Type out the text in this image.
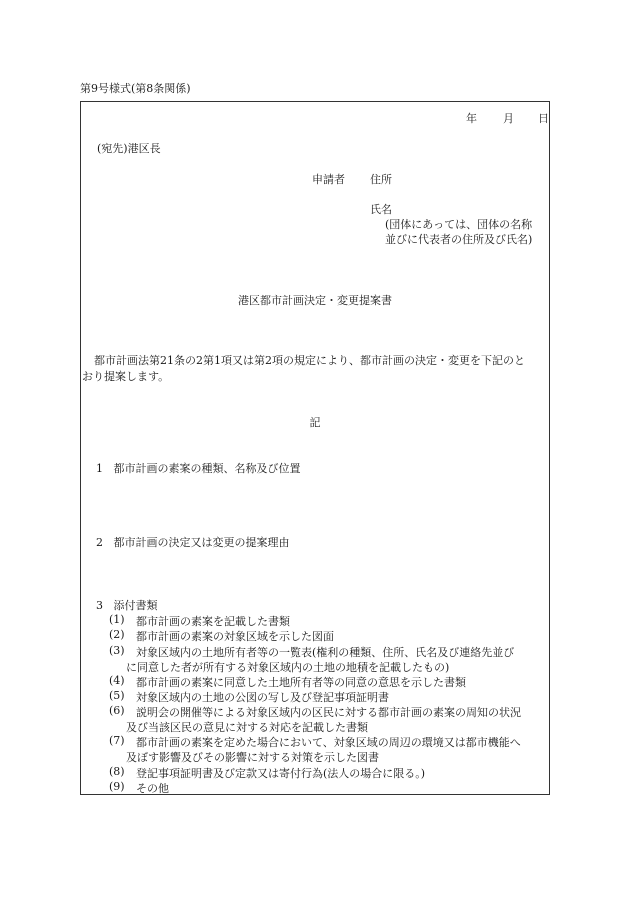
第9号様式(第8条関係)
年 月 日
(宛先)港区長
申請者 住所
氏名
(団体にあっては、団体の名称
並びに代表者の住所及び氏名)
港区都市計画決定・変更提案書
都市計画法第21条の2第1項又は第2項の規定により、都市計画の決定・変更を下記のと
おり提案します。
記
1 都市計画の素案の種類、名称及び位置
2 都市計画の決定又は変更の提案理由
3 添付書類
(1) 都市計画の素案を記載した書類
(2) 都市計画の素案の対象区域を示した図面
(3) 対象区域内の土地所有者等の一覧表(権利の種類、住所、氏名及び連絡先並び
に同意した者が所有する対象区域内の土地の地積を記載したもの)
(4) 都市計画の素案に同意した土地所有者等の同意の意思を示した書類
(5) 対象区域内の土地の公図の写し及び登記事項証明書
(6) 説明会の開催等による対象区域内の区民に対する都市計画の素案の周知の状況
及び当該区民の意見に対する対応を記載した書類
(7) 都市計画の素案を定めた場合において、対象区域の周辺の環境又は都市機能へ
及ぼす影響及びその影響に対する対策を示した図書
(8) 登記事項証明書及び定款又は寄付行為(法人の場合に限る。)
(9) その他
